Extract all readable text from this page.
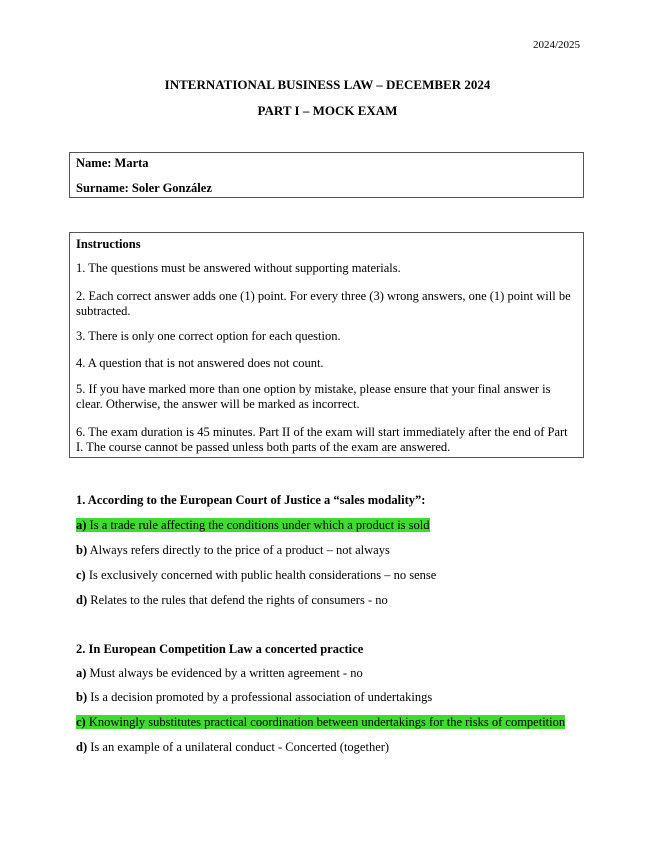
2024/2025
INTERNATIONAL BUSINESS LAW – DECEMBER 2024
PART I – MOCK EXAM
Name: Marta
Surname: Soler González
Instructions
1. The questions must be answered without supporting materials.
2. Each correct answer adds one (1) point. For every three (3) wrong answers, one (1) point will be subtracted.
3. There is only one correct option for each question.
4. A question that is not answered does not count.
5. If you have marked more than one option by mistake, please ensure that your final answer is clear. Otherwise, the answer will be marked as incorrect.
6. The exam duration is 45 minutes. Part II of the exam will start immediately after the end of Part I. The course cannot be passed unless both parts of the exam are answered.
1. According to the European Court of Justice a “sales modality”:
a) Is a trade rule affecting the conditions under which a product is sold
b) Always refers directly to the price of a product – not always
c) Is exclusively concerned with public health considerations – no sense
d) Relates to the rules that defend the rights of consumers - no
2. In European Competition Law a concerted practice
a) Must always be evidenced by a written agreement - no
b) Is a decision promoted by a professional association of undertakings
c) Knowingly substitutes practical coordination between undertakings for the risks of competition
d) Is an example of a unilateral conduct - Concerted (together)
